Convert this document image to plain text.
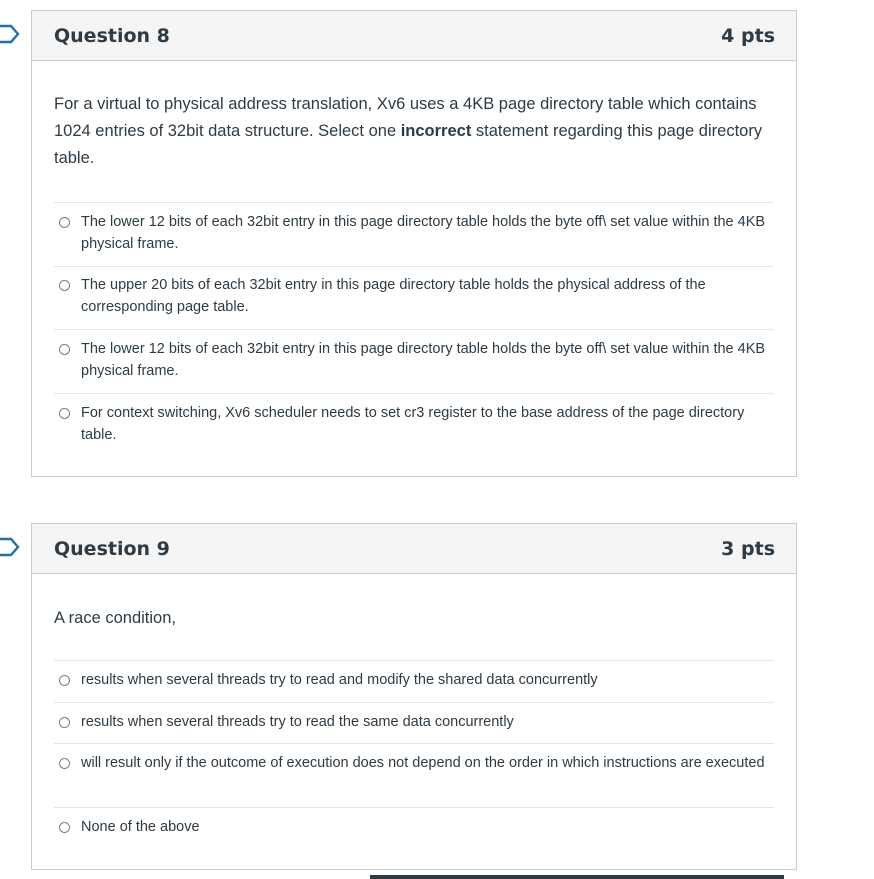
Question 8	4 pts
For a virtual to physical address translation, Xv6 uses a 4KB page directory table which contains 1024 entries of 32bit data structure. Select one incorrect statement regarding this page directory table.
The lower 12 bits of each 32bit entry in this page directory table holds the byte off\ set value within the 4KB physical frame.
The upper 20 bits of each 32bit entry in this page directory table holds the physical address of the corresponding page table.
The lower 12 bits of each 32bit entry in this page directory table holds the byte off\ set value within the 4KB physical frame.
For context switching, Xv6 scheduler needs to set cr3 register to the base address of the page directory table.
Question 9	3 pts
A race condition,
results when several threads try to read and modify the shared data concurrently
results when several threads try to read the same data concurrently
will result only if the outcome of execution does not depend on the order in which instructions are executed
None of the above
